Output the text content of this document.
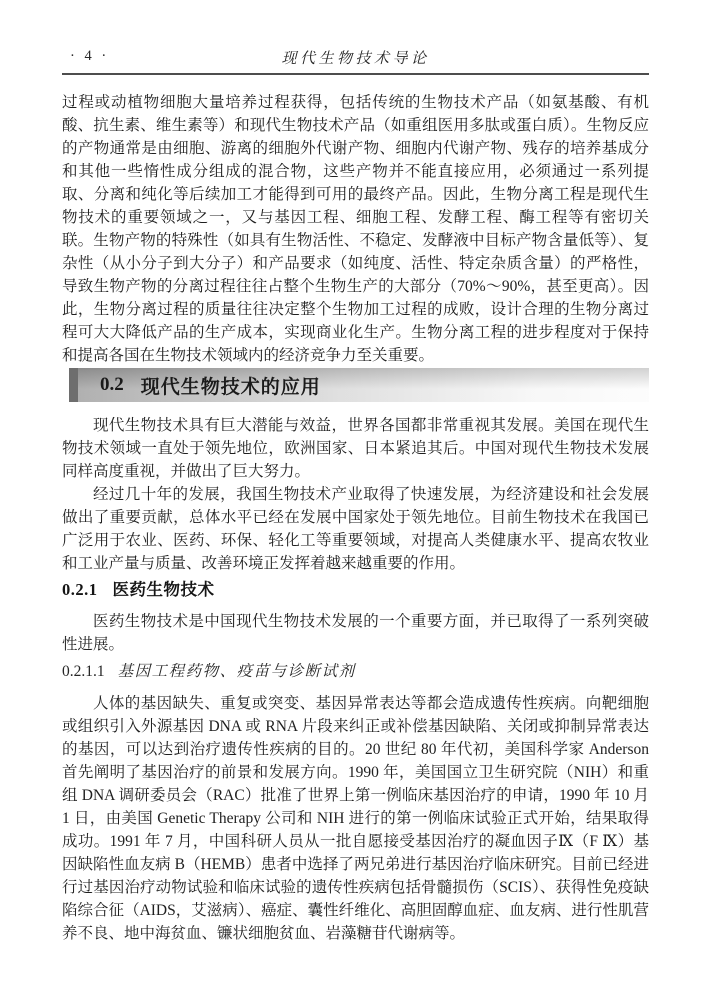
· 4 ·	现代生物技术导论

过程或动植物细胞大量培养过程获得，包括传统的生物技术产品（如氨基酸、有机酸、抗生素、维生素等）和现代生物技术产品（如重组医用多肽或蛋白质）。生物反应的产物通常是由细胞、游离的细胞外代谢产物、细胞内代谢产物、残存的培养基成分和其他一些惰性成分组成的混合物，这些产物并不能直接应用，必须通过一系列提取、分离和纯化等后续加工才能得到可用的最终产品。因此，生物分离工程是现代生物技术的重要领域之一，又与基因工程、细胞工程、发酵工程、酶工程等有密切关联。生物产物的特殊性（如具有生物活性、不稳定、发酵液中目标产物含量低等）、复杂性（从小分子到大分子）和产品要求（如纯度、活性、特定杂质含量）的严格性，导致生物产物的分离过程往往占整个生物生产的大部分（70%～90%，甚至更高）。因此，生物分离过程的质量往往决定整个生物加工过程的成败，设计合理的生物分离过程可大大降低产品的生产成本，实现商业化生产。生物分离工程的进步程度对于保持和提高各国在生物技术领域内的经济竞争力至关重要。

0.2 现代生物技术的应用

现代生物技术具有巨大潜能与效益，世界各国都非常重视其发展。美国在现代生物技术领域一直处于领先地位，欧洲国家、日本紧追其后。中国对现代生物技术发展同样高度重视，并做出了巨大努力。

经过几十年的发展，我国生物技术产业取得了快速发展，为经济建设和社会发展做出了重要贡献，总体水平已经在发展中国家处于领先地位。目前生物技术在我国已广泛用于农业、医药、环保、轻化工等重要领域，对提高人类健康水平、提高农牧业和工业产量与质量、改善环境正发挥着越来越重要的作用。

0.2.1 医药生物技术

医药生物技术是中国现代生物技术发展的一个重要方面，并已取得了一系列突破性进展。

0.2.1.1 基因工程药物、疫苗与诊断试剂

人体的基因缺失、重复或突变、基因异常表达等都会造成遗传性疾病。向靶细胞或组织引入外源基因 DNA 或 RNA 片段来纠正或补偿基因缺陷、关闭或抑制异常表达的基因，可以达到治疗遗传性疾病的目的。20 世纪 80 年代初，美国科学家 Anderson 首先阐明了基因治疗的前景和发展方向。1990 年，美国国立卫生研究院（NIH）和重组 DNA 调研委员会（RAC）批准了世界上第一例临床基因治疗的申请，1990 年 10 月 1 日，由美国 Genetic Therapy 公司和 NIH 进行的第一例临床试验正式开始，结果取得成功。1991 年 7 月，中国科研人员从一批自愿接受基因治疗的凝血因子Ⅸ（F Ⅸ）基因缺陷性血友病 B（HEMB）患者中选择了两兄弟进行基因治疗临床研究。目前已经进行过基因治疗动物试验和临床试验的遗传性疾病包括骨髓损伤（SCIS）、获得性免疫缺陷综合征（AIDS，艾滋病）、癌症、囊性纤维化、高胆固醇血症、血友病、进行性肌营养不良、地中海贫血、镰状细胞贫血、岩藻糖苷代谢病等。
